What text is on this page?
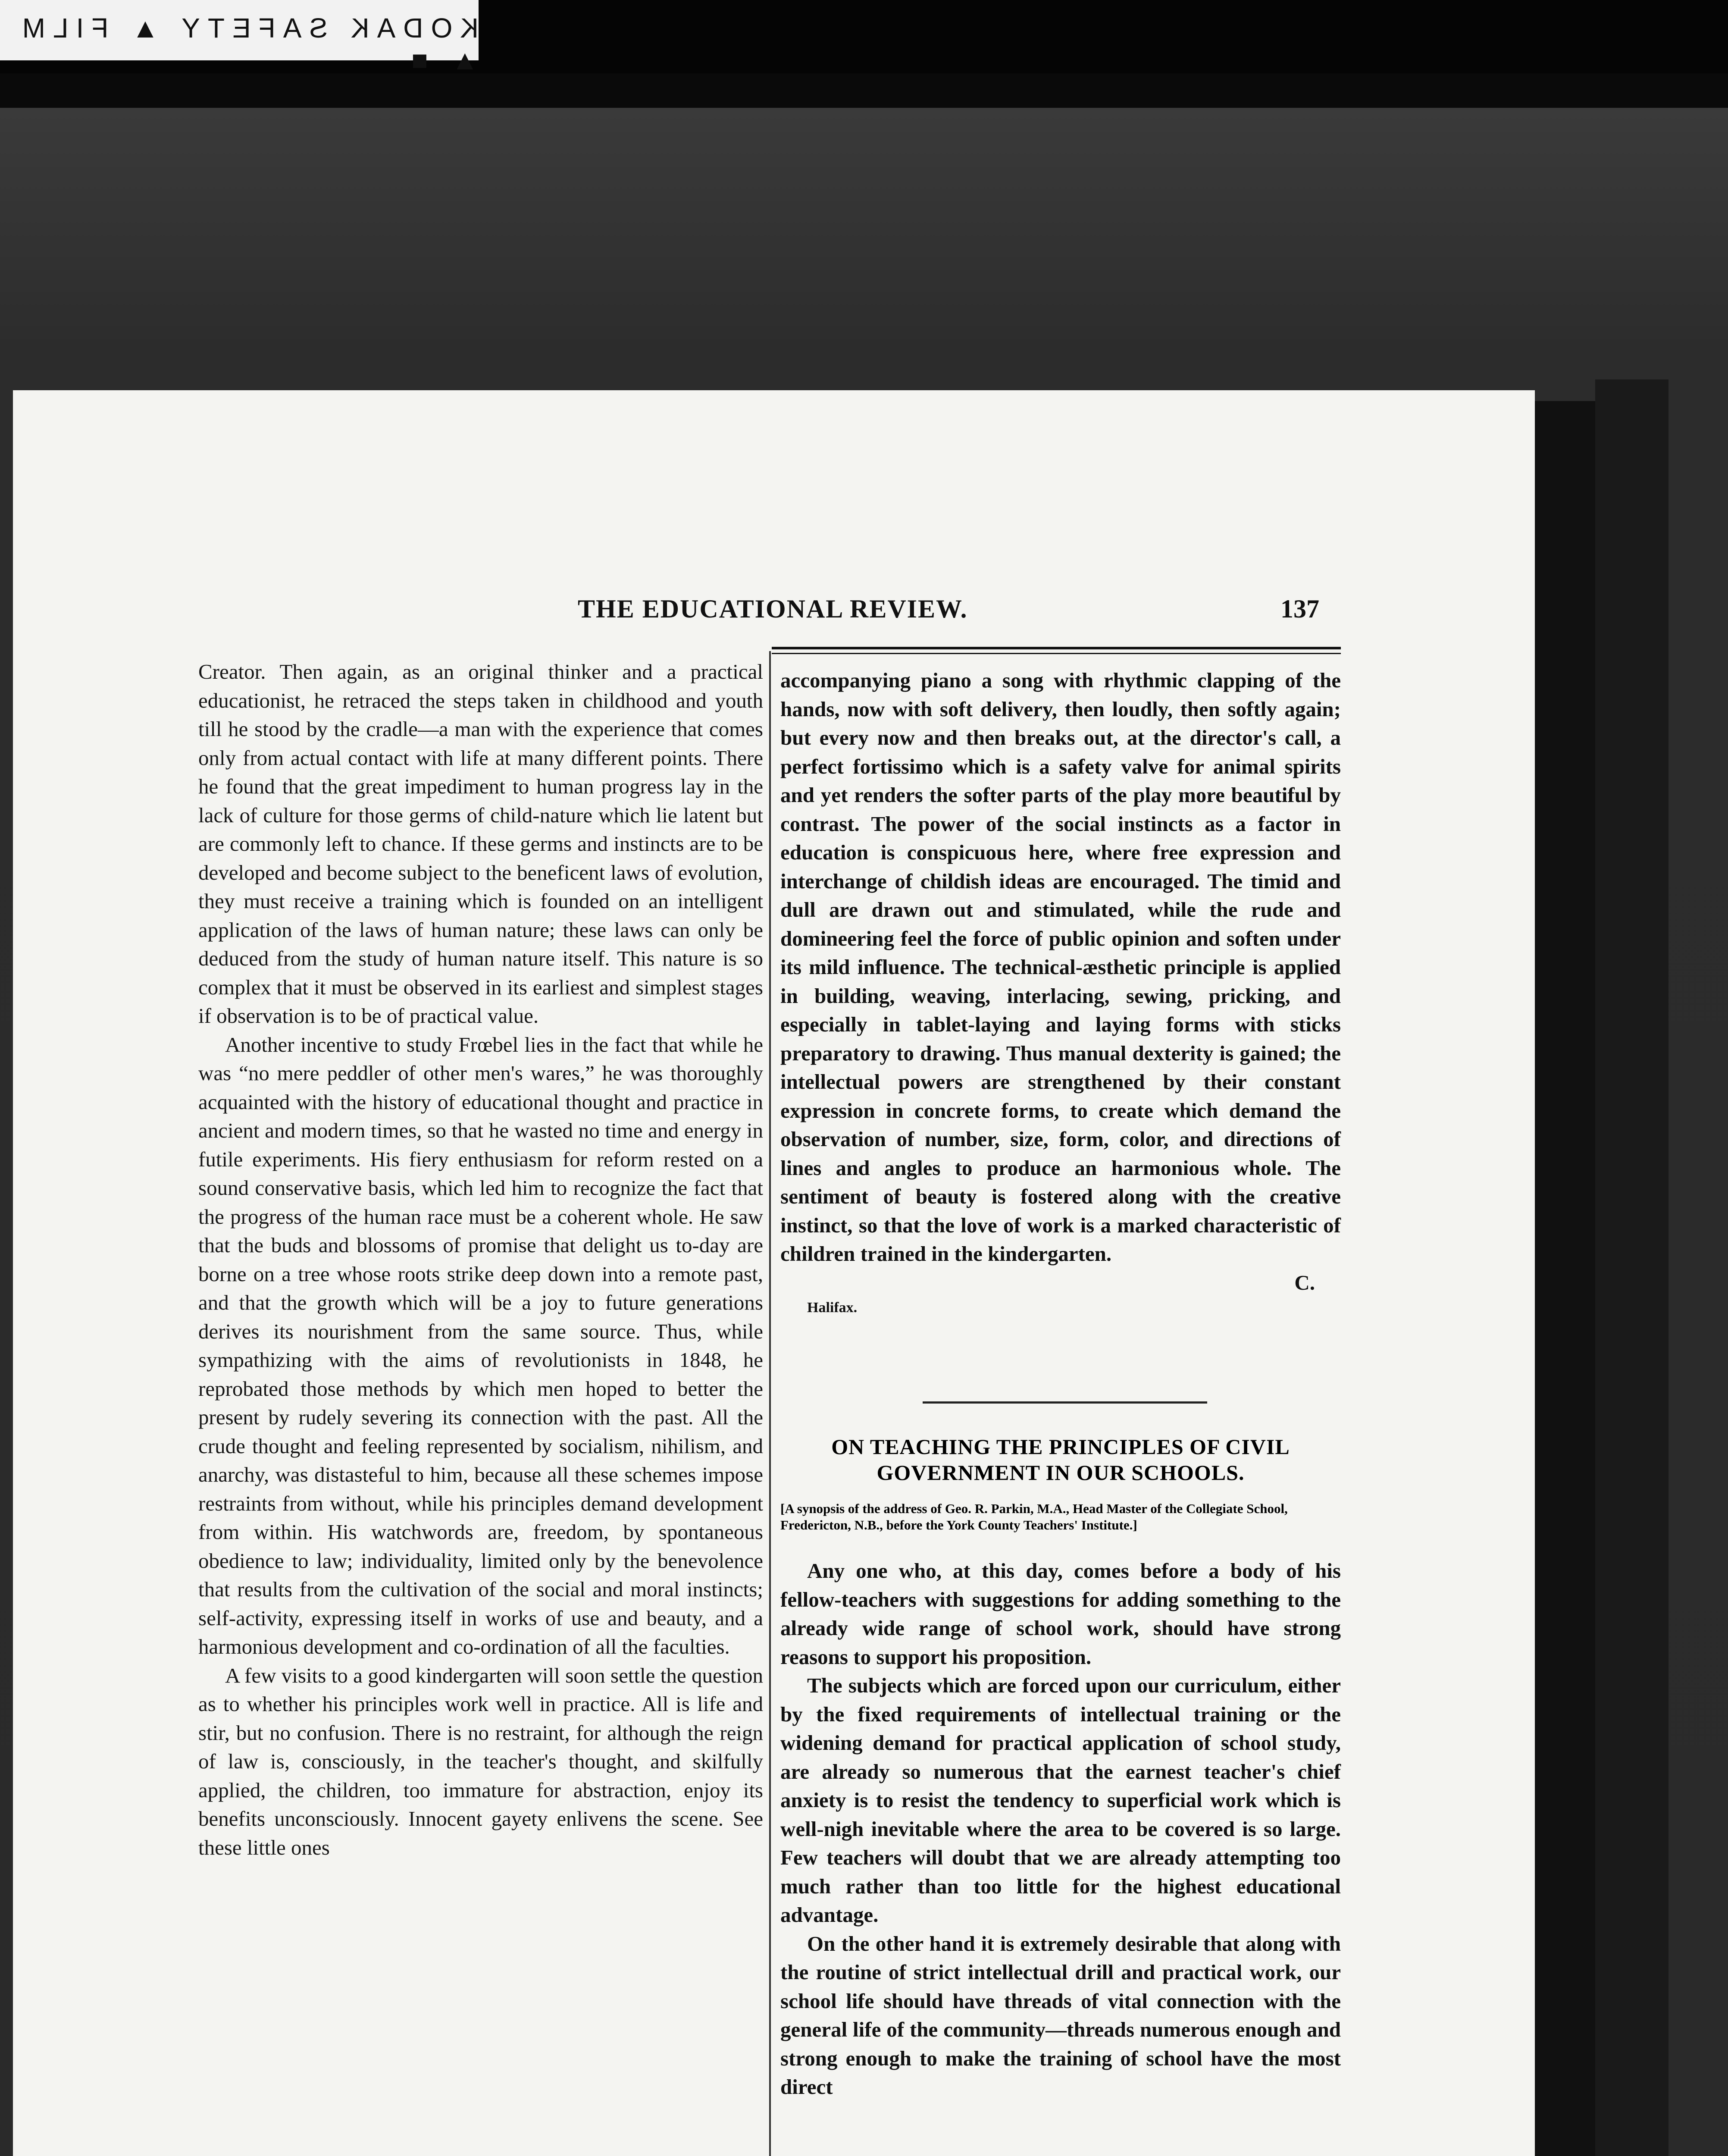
KODAK SAFETY ▲ FILM ▲ ■
THE EDUCATIONAL REVIEW.	137

Creator. Then again, as an original thinker and a practical educationist, he retraced the steps taken in childhood and youth till he stood by the cradle—a man with the experience that comes only from actual contact with life at many different points. There he found that the great impediment to human progress lay in the lack of culture for those germs of child-nature which lie latent but are commonly left to chance. If these germs and instincts are to be developed and become subject to the beneficent laws of evolution, they must receive a training which is founded on an intelligent application of the laws of human nature; these laws can only be deduced from the study of human nature itself. This nature is so complex that it must be observed in its earliest and simplest stages if observation is to be of practical value.

Another incentive to study Frœbel lies in the fact that while he was “no mere peddler of other men's wares,” he was thoroughly acquainted with the history of educational thought and practice in ancient and modern times, so that he wasted no time and energy in futile experiments. His fiery enthusiasm for reform rested on a sound conservative basis, which led him to recognize the fact that the progress of the human race must be a coherent whole. He saw that the buds and blossoms of promise that delight us to-day are borne on a tree whose roots strike deep down into a remote past, and that the growth which will be a joy to future generations derives its nourishment from the same source. Thus, while sympathizing with the aims of revolutionists in 1848, he reprobated those methods by which men hoped to better the present by rudely severing its connection with the past. All the crude thought and feeling represented by socialism, nihilism, and anarchy, was distasteful to him, because all these schemes impose restraints from without, while his principles demand development from within. His watchwords are, freedom, by spontaneous obedience to law; individuality, limited only by the benevolence that results from the cultivation of the social and moral instincts; self-activity, expressing itself in works of use and beauty, and a harmonious development and co-ordination of all the faculties.

A few visits to a good kindergarten will soon settle the question as to whether his principles work well in practice. All is life and stir, but no confusion. There is no restraint, for although the reign of law is, consciously, in the teacher's thought, and skilfully applied, the children, too immature for abstraction, enjoy its benefits unconsciously. Innocent gayety enlivens the scene. See these little ones

accompanying piano a song with rhythmic clapping of the hands, now with soft delivery, then loudly, then softly again; but every now and then breaks out, at the director's call, a perfect fortissimo which is a safety valve for animal spirits and yet renders the softer parts of the play more beautiful by contrast. The power of the social instincts as a factor in education is conspicuous here, where free expression and interchange of childish ideas are encouraged. The timid and dull are drawn out and stimulated, while the rude and domineering feel the force of public opinion and soften under its mild influence. The technical-æsthetic principle is applied in building, weaving, interlacing, sewing, pricking, and especially in tablet-laying and laying forms with sticks preparatory to drawing. Thus manual dexterity is gained; the intellectual powers are strengthened by their constant expression in concrete forms, to create which demand the observation of number, size, form, color, and directions of lines and angles to produce an harmonious whole. The sentiment of beauty is fostered along with the creative instinct, so that the love of work is a marked characteristic of children trained in the kindergarten.

C.
Halifax.
ON TEACHING THE PRINCIPLES OF CIVIL
GOVERNMENT IN OUR SCHOOLS.
[A synopsis of the address of Geo. R. Parkin, M.A., Head Master of the Collegiate School, Fredericton, N.B., before the York County Teachers' Institute.]

Any one who, at this day, comes before a body of his fellow-teachers with suggestions for adding something to the already wide range of school work, should have strong reasons to support his proposition.

The subjects which are forced upon our curriculum, either by the fixed requirements of intellectual training or the widening demand for practical application of school study, are already so numerous that the earnest teacher's chief anxiety is to resist the tendency to superficial work which is well-nigh inevitable where the area to be covered is so large. Few teachers will doubt that we are already attempting too much rather than too little for the highest educational advantage.

On the other hand it is extremely desirable that along with the routine of strict intellectual drill and practical work, our school life should have threads of vital connection with the general life of the community—threads numerous enough and strong enough to make the training of school have the most direct
